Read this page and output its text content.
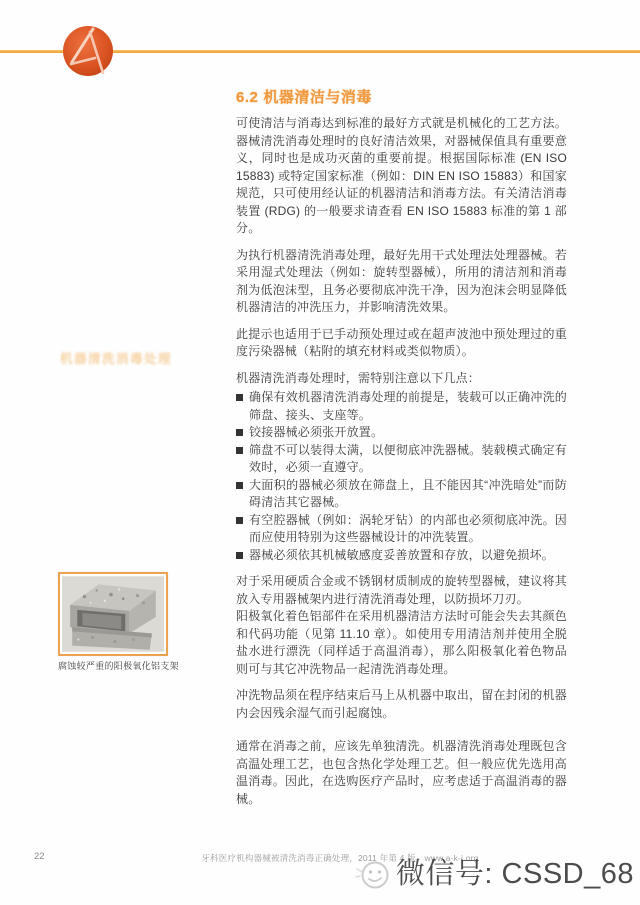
机器清洗消毒处理
6.2 机器清洁与消毒

可使清洁与消毒达到标准的最好方式就是机械化的工艺方法。器械清洗消毒处理时的良好清洁效果，对器械保值具有重要意义，同时也是成功灭菌的重要前提。根据国际标准 (EN ISO 15883) 或特定国家标准（例如：DIN EN ISO 15883）和国家规范，只可使用经认证的机器清洁和消毒方法。有关清洁消毒装置 (RDG) 的一般要求请查看 EN ISO 15883 标准的第 1 部分。

为执行机器清洗消毒处理，最好先用干式处理法处理器械。若采用湿式处理法（例如：旋转型器械），所用的清洁剂和消毒剂为低泡沫型，且务必要彻底冲洗干净，因为泡沫会明显降低机器清洁的冲洗压力，并影响清洗效果。

此提示也适用于已手动预处理过或在超声波池中预处理过的重度污染器械（粘附的填充材料或类似物质）。

机器清洗消毒处理时，需特别注意以下几点：

确保有效机器清洗消毒处理的前提是，装载可以正确冲洗的筛盘、接头、支座等。
铰接器械必须张开放置。
筛盘不可以装得太满，以便彻底冲洗器械。装载模式确定有效时，必须一直遵守。
大面积的器械必须放在筛盘上，且不能因其“冲洗暗处”而防碍清洁其它器械。
有空腔器械（例如：涡轮牙钻）的内部也必须彻底冲洗。因而应使用特别为这些器械设计的冲洗装置。
器械必须依其机械敏感度妥善放置和存放，以避免损坏。

对于采用硬质合金或不锈钢材质制成的旋转型器械，建议将其放入专用器械架内进行清洗消毒处理，以防损坏刀刃。

阳极氧化着色铝部件在采用机器清洁方法时可能会失去其颜色和代码功能（见第 11.10 章）。如使用专用清洁剂并使用全脱盐水进行漂洗（同样适于高温消毒），那么阳极氧化着色物品则可与其它冲洗物品一起清洗消毒处理。

冲洗物品须在程序结束后马上从机器中取出，留在封闭的机器内会因残余湿气而引起腐蚀。

通常在消毒之前，应该先单独清洗。机器清洗消毒处理既包含高温处理工艺，也包含热化学处理工艺。但一般应优先选用高温消毒。因此，在选购医疗产品时，应考虑适于高温消毒的器械。

腐蚀较严重的阳极氧化铝支架
22	牙科医疗机构器械被清洗消毒正确处理，2011 年第 4 版，www.a-k-i.org
微信号: CSSD_68
